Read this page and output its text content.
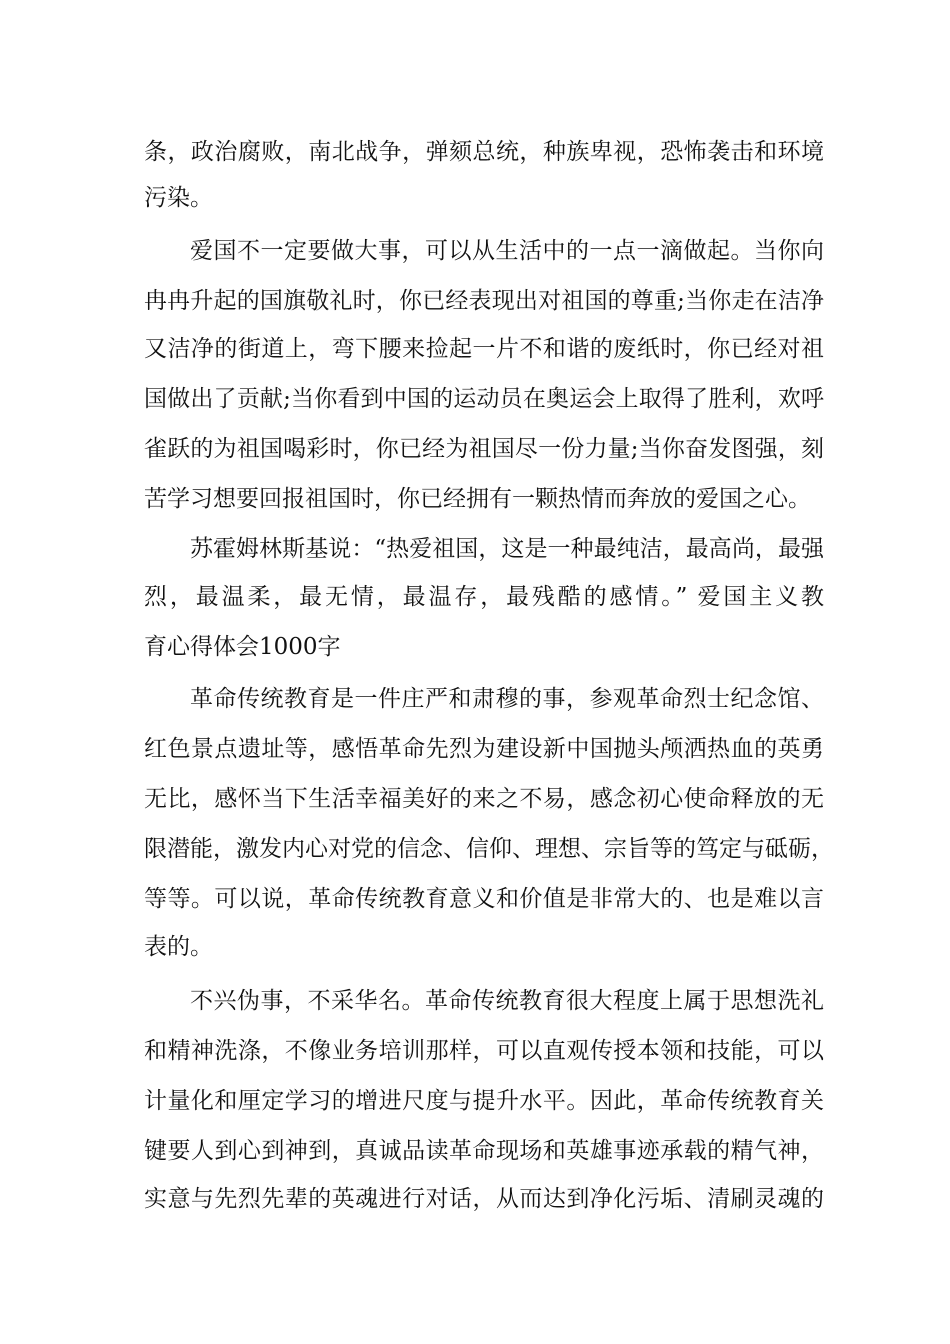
条，政治腐败，南北战争，弹颏总统，种族卑视，恐怖袭击和环境
污染。
爱国不一定要做大事，可以从生活中的一点一滴做起。当你向
冉冉升起的国旗敬礼时，你已经表现出对祖国的尊重;当你走在洁净
又洁净的街道上，弯下腰来捡起一片不和谐的废纸时，你已经对祖
国做出了贡献;当你看到中国的运动员在奥运会上取得了胜利，欢呼
雀跃的为祖国喝彩时，你已经为祖国尽一份力量;当你奋发图强，刻
苦学习想要回报祖国时，你已经拥有一颗热情而奔放的爱国之心。
苏霍姆林斯基说：“热爱祖国，这是一种最纯洁，最高尚，最强
烈，最温柔，最无情，最温存，最残酷的感情。” 爱国主义教
育心得体会1000字
革命传统教育是一件庄严和肃穆的事，参观革命烈士纪念馆、
红色景点遗址等，感悟革命先烈为建设新中国抛头颅洒热血的英勇
无比，感怀当下生活幸福美好的来之不易，感念初心使命释放的无
限潜能，激发内心对党的信念、信仰、理想、宗旨等的笃定与砥砺，
等等。可以说，革命传统教育意义和价值是非常大的、也是难以言
表的。
不兴伪事，不采华名。革命传统教育很大程度上属于思想洗礼
和精神洗涤，不像业务培训那样，可以直观传授本领和技能，可以
计量化和厘定学习的增进尺度与提升水平。因此，革命传统教育关
键要人到心到神到，真诚品读革命现场和英雄事迹承载的精气神，
实意与先烈先辈的英魂进行对话，从而达到净化污垢、清刷灵魂的
